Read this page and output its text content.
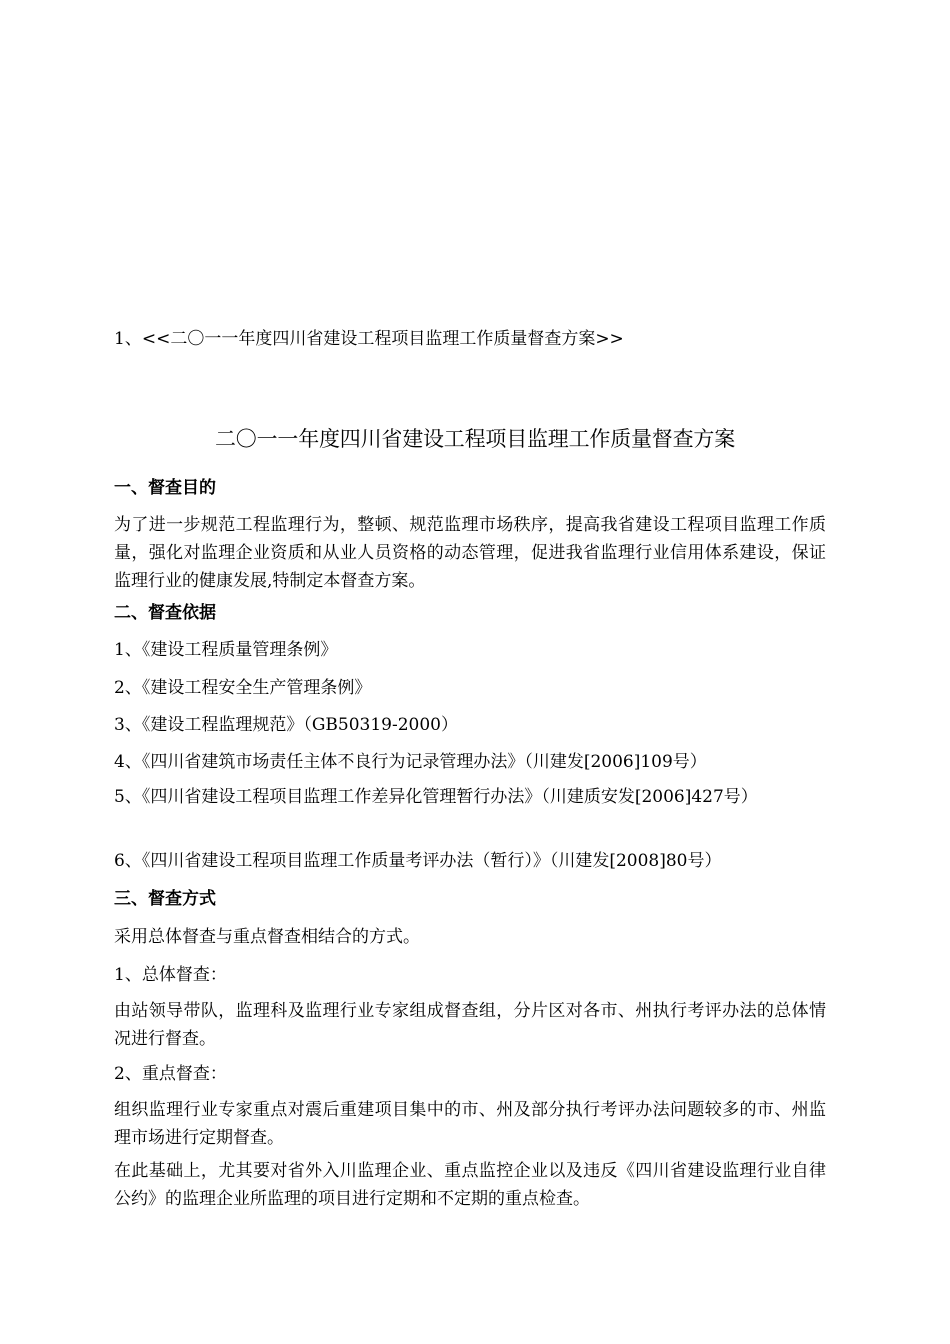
1、<<二〇一一年度四川省建设工程项目监理工作质量督查方案>>
二〇一一年度四川省建设工程项目监理工作质量督查方案
一、督查目的
为了进一步规范工程监理行为，整顿、规范监理市场秩序，提高我省建设工程项目监理工作质量，强化对监理企业资质和从业人员资格的动态管理，促进我省监理行业信用体系建设，保证监理行业的健康发展,特制定本督查方案。
二、督查依据
1、《建设工程质量管理条例》
2、《建设工程安全生产管理条例》
3、《建设工程监理规范》（GB50319-2000）
4、《四川省建筑市场责任主体不良行为记录管理办法》（川建发[2006]109号）
5、《四川省建设工程项目监理工作差异化管理暂行办法》（川建质安发[2006]427号）
6、《四川省建设工程项目监理工作质量考评办法（暂行）》（川建发[2008]80号）
三、督查方式
采用总体督查与重点督查相结合的方式。
1、总体督查：
由站领导带队，监理科及监理行业专家组成督查组，分片区对各市、州执行考评办法的总体情况进行督查。
2、重点督查：
组织监理行业专家重点对震后重建项目集中的市、州及部分执行考评办法问题较多的市、州监理市场进行定期督查。
在此基础上，尤其要对省外入川监理企业、重点监控企业以及违反《四川省建设监理行业自律公约》的监理企业所监理的项目进行定期和不定期的重点检查。
